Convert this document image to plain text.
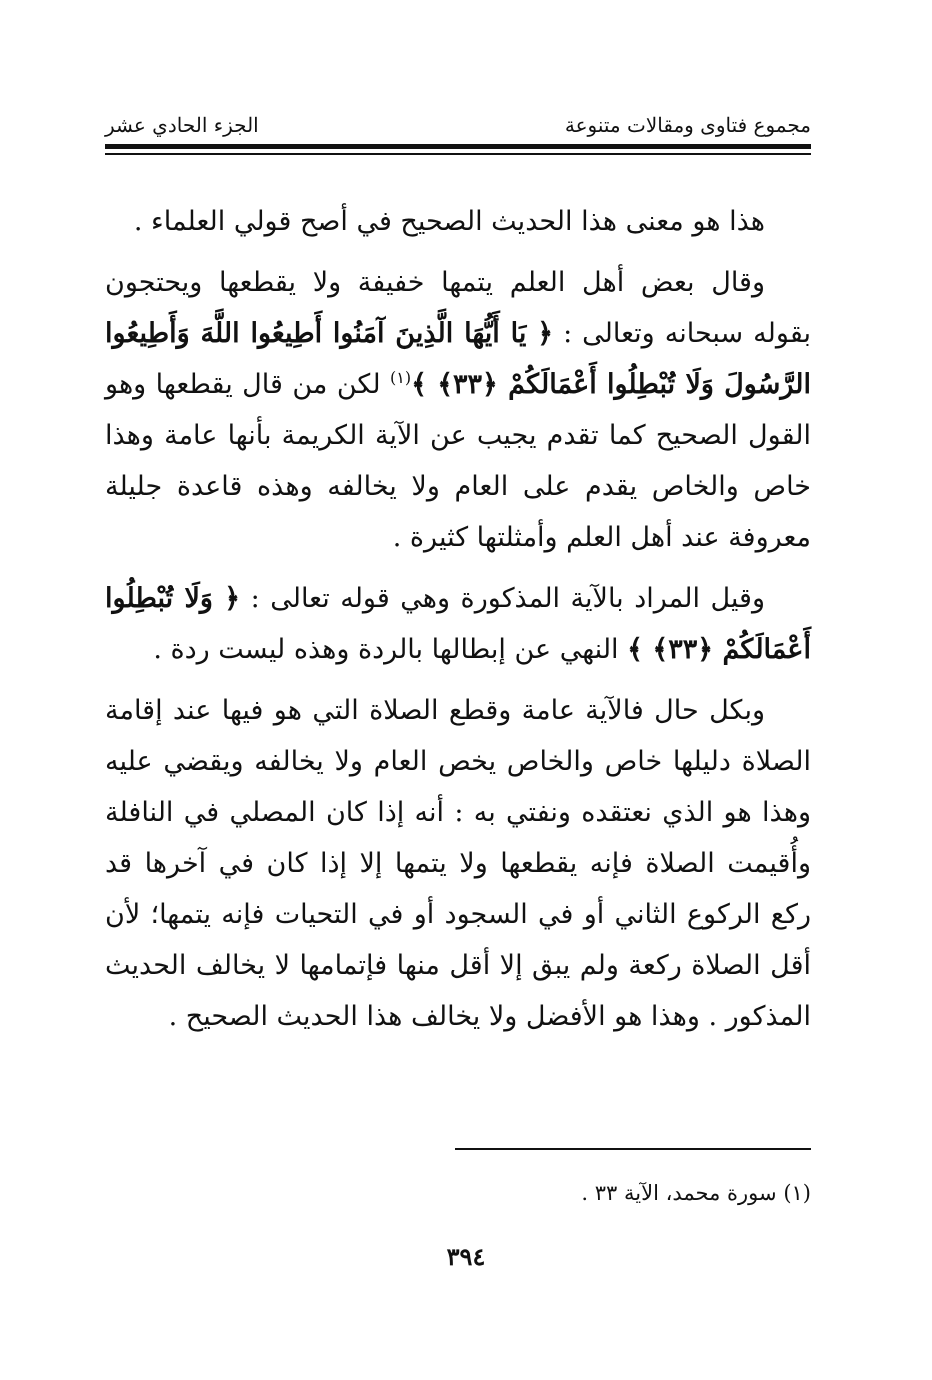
مجموع فتاوى ومقالات متنوعة
الجزء الحادي عشر

هذا هو معنى هذا الحديث الصحيح في أصح قولي العلماء .

وقال بعض أهل العلم يتمها خفيفة ولا يقطعها ويحتجون بقوله سبحانه وتعالى : ﴿ يَا أَيُّهَا الَّذِينَ آمَنُوا أَطِيعُوا اللَّهَ وَأَطِيعُوا الرَّسُولَ وَلَا تُبْطِلُوا أَعْمَالَكُمْ ﴿٣٣﴾ ﴾$^{(١)}$ لكن من قال يقطعها وهو القول الصحيح كما تقدم يجيب عن الآية الكريمة بأنها عامة وهذا خاص والخاص يقدم على العام ولا يخالفه وهذه قاعدة جليلة معروفة عند أهل العلم وأمثلتها كثيرة .

وقيل المراد بالآية المذكورة وهي قوله تعالى : ﴿ وَلَا تُبْطِلُوا أَعْمَالَكُمْ ﴿٣٣﴾ ﴾ النهي عن إبطالها بالردة وهذه ليست ردة .

وبكل حال فالآية عامة وقطع الصلاة التي هو فيها عند إقامة الصلاة دليلها خاص والخاص يخص العام ولا يخالفه ويقضي عليه وهذا هو الذي نعتقده ونفتي به : أنه إذا كان المصلي في النافلة وأُقيمت الصلاة فإنه يقطعها ولا يتمها إلا إذا كان في آخرها قد ركع الركوع الثاني أو في السجود أو في التحيات فإنه يتمها؛ لأن أقل الصلاة ركعة ولم يبق إلا أقل منها فإتمامها لا يخالف الحديث المذكور . وهذا هو الأفضل ولا يخالف هذا الحديث الصحيح .

(١) سورة محمد، الآية ٣٣ .
٣٩٤
